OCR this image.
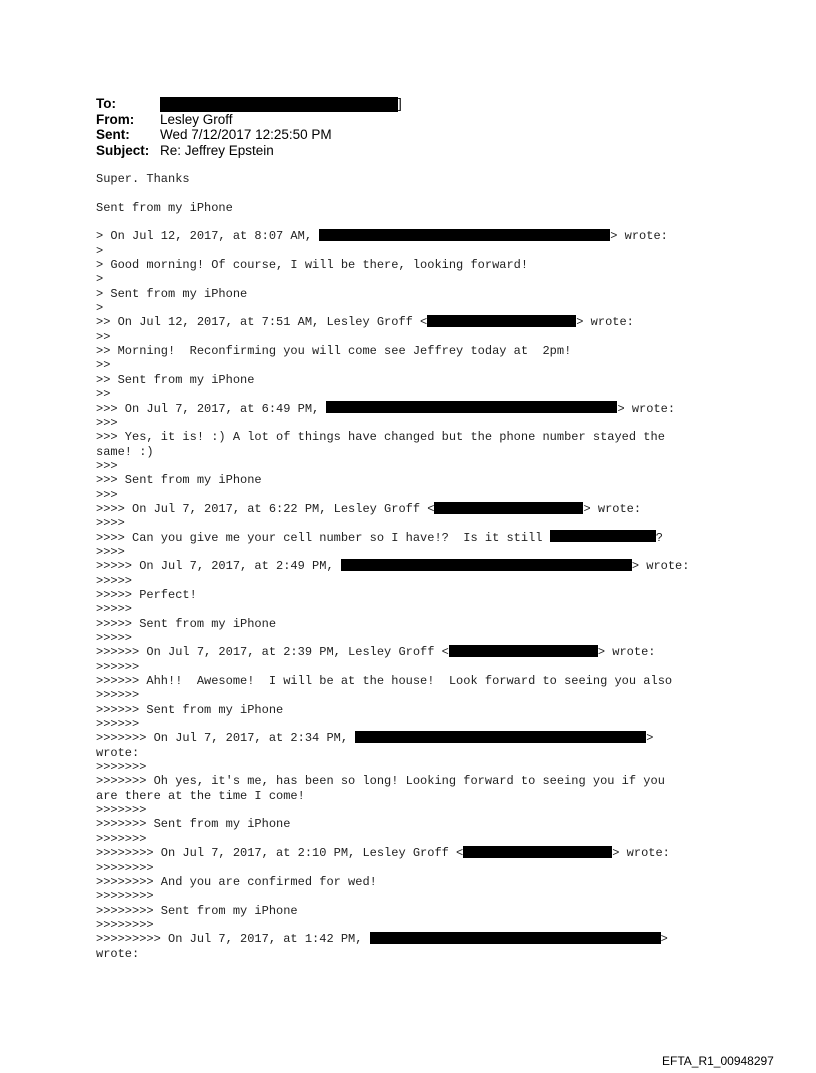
To:	]
From:	Lesley Groff
Sent:	Wed 7/12/2017 12:25:50 PM
Subject: Re: Jeffrey Epstein
Super. Thanks
Sent from my iPhone
> On Jul 12, 2017, at 8:07 AM,	> wrote:
>
> Good morning! Of course, I will be there, looking forward!
>
> Sent from my iPhone
>
>> On Jul 12, 2017, at 7:51 AM, Lesley Groff <	> wrote:
>>
>> Morning!  Reconfirming you will come see Jeffrey today at  2pm!
>>
>> Sent from my iPhone
>>
>>> On Jul 7, 2017, at 6:49 PM,	> wrote:
>>>
>>> Yes, it is! :) A lot of things have changed but the phone number stayed the
same! :)
>>>
>>> Sent from my iPhone
>>>
>>>> On Jul 7, 2017, at 6:22 PM, Lesley Groff <	> wrote:
>>>>
>>>> Can you give me your cell number so I have!?  Is it still	?
>>>>
>>>>> On Jul 7, 2017, at 2:49 PM,	> wrote:
>>>>>
>>>>> Perfect!
>>>>>
>>>>> Sent from my iPhone
>>>>>
>>>>>> On Jul 7, 2017, at 2:39 PM, Lesley Groff <	> wrote:
>>>>>>
>>>>>> Ahh!!  Awesome!  I will be at the house!  Look forward to seeing you also
>>>>>>
>>>>>> Sent from my iPhone
>>>>>>
>>>>>>> On Jul 7, 2017, at 2:34 PM,	>
wrote:
>>>>>>>
>>>>>>> Oh yes, it's me, has been so long! Looking forward to seeing you if you
are there at the time I come!
>>>>>>>
>>>>>>> Sent from my iPhone
>>>>>>>
>>>>>>>> On Jul 7, 2017, at 2:10 PM, Lesley Groff <	> wrote:
>>>>>>>>
>>>>>>>> And you are confirmed for wed!
>>>>>>>>
>>>>>>>> Sent from my iPhone
>>>>>>>>
>>>>>>>>> On Jul 7, 2017, at 1:42 PM,	>
wrote:
EFTA_R1_00948297
